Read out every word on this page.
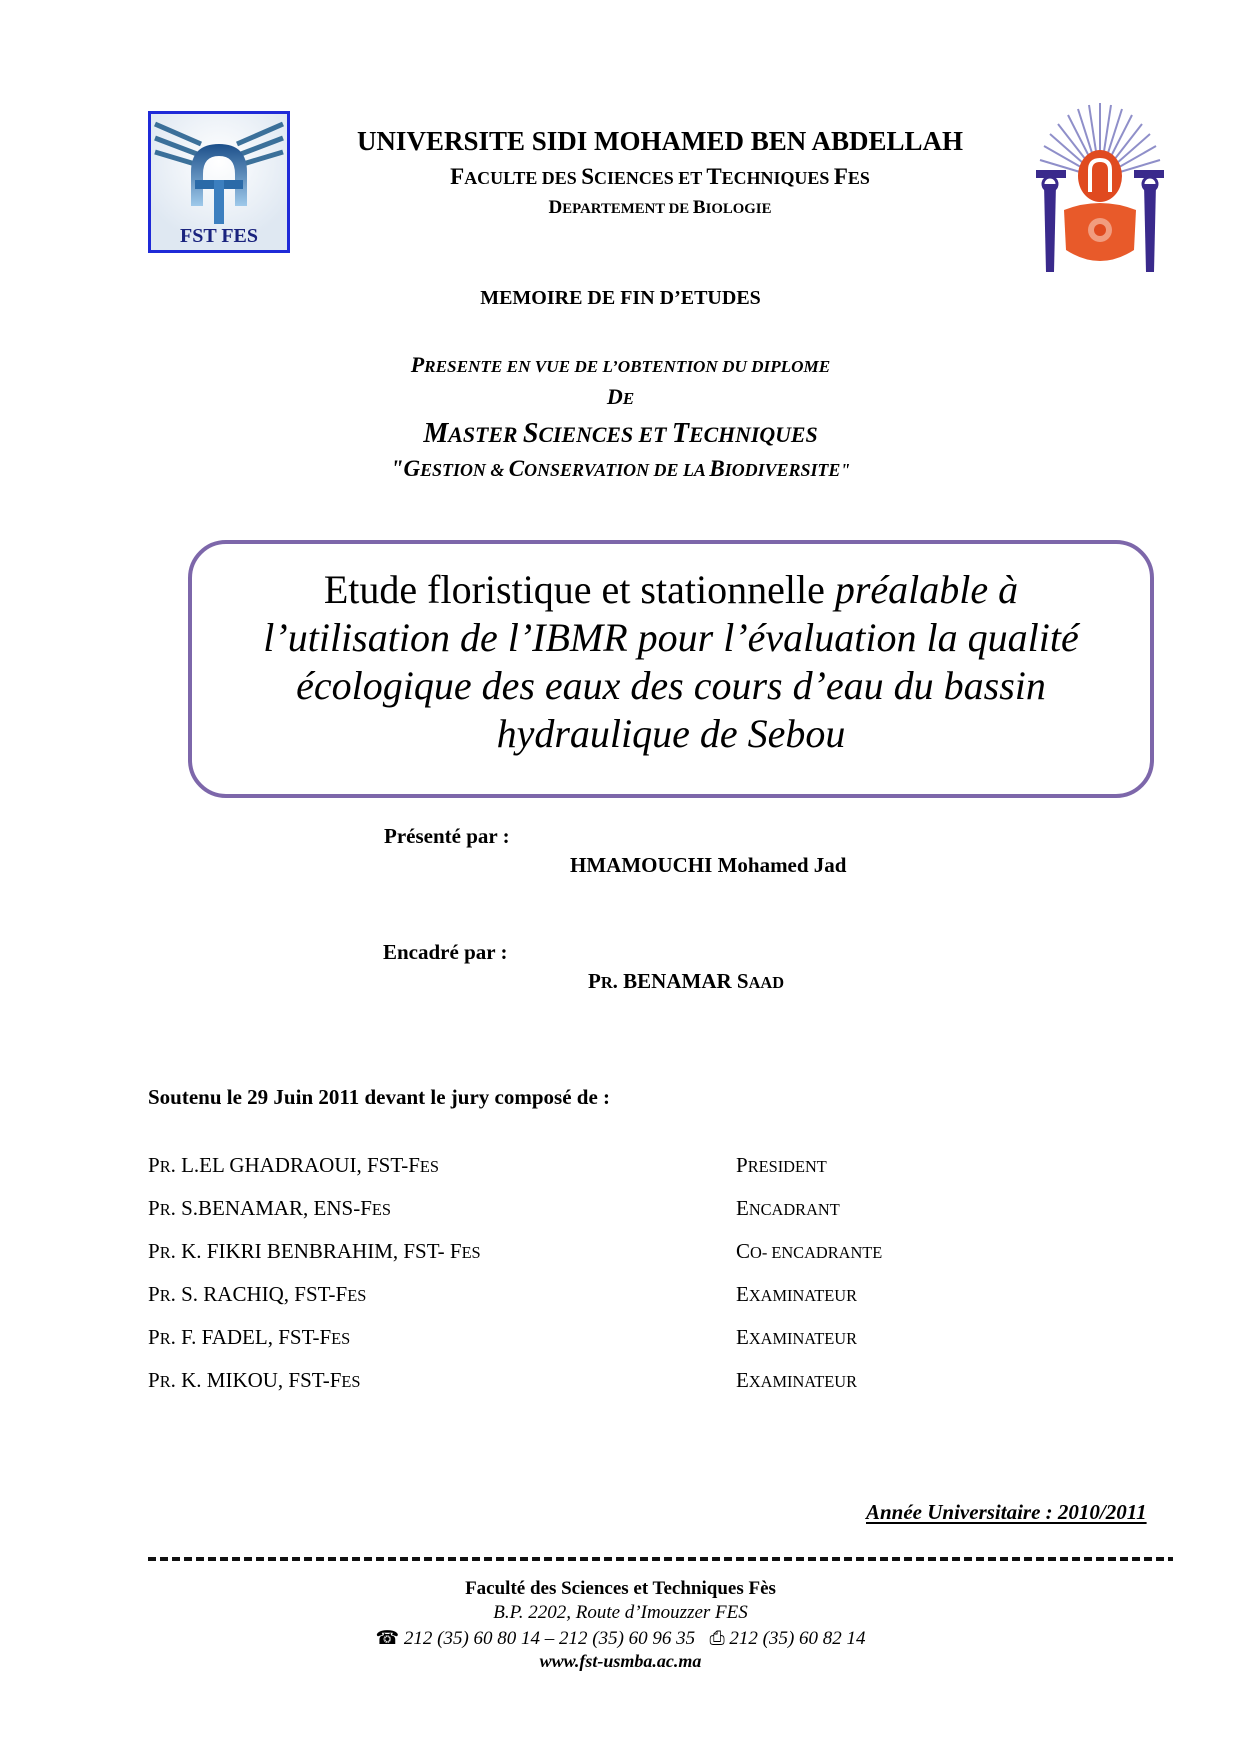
FST FES
UNIVERSITE SIDI MOHAMED BEN ABDELLAH
FACULTE DES SCIENCES ET TECHNIQUES FES
DEPARTEMENT DE BIOLOGIE
MEMOIRE DE FIN D’ETUDES
PRESENTE EN VUE DE L’OBTENTION DU DIPLOME
DE
MASTER SCIENCES ET TECHNIQUES
"GESTION & CONSERVATION DE LA BIODIVERSITE"
Etude floristique et stationnelle préalable à
l’utilisation de l’IBMR pour l’évaluation la qualité
écologique des eaux des cours d’eau du bassin
hydraulique de Sebou
Présenté par :
HMAMOUCHI Mohamed Jad
Encadré par :
PR. BENAMAR SAAD
Soutenu le 29 Juin 2011 devant le jury composé de :
PR. L.EL GHADRAOUI, FST-FES	PRESIDENT
PR. S.BENAMAR, ENS-FES	ENCADRANT
PR. K. FIKRI BENBRAHIM, FST- FES	CO- ENCADRANTE
PR. S. RACHIQ, FST-FES	EXAMINATEUR
PR. F. FADEL, FST-FES	EXAMINATEUR
PR. K. MIKOU, FST-FES	EXAMINATEUR
Année Universitaire : 2010/2011
Faculté des Sciences et Techniques Fès
B.P. 2202, Route d’Imouzzer FES
☎ 212 (35) 60 80 14 – 212 (35) 60 96 35 ⎙ 212 (35) 60 82 14
www.fst-usmba.ac.ma
